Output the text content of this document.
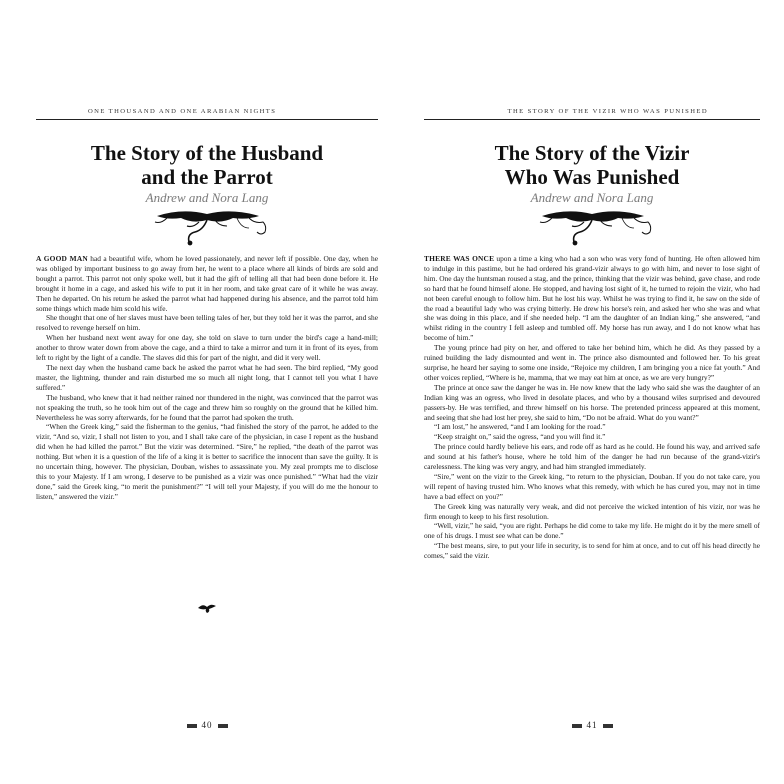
ONE THOUSAND AND ONE ARABIAN NIGHTS
The Story of the Husband
and the Parrot
Andrew and Nora Lang

A GOOD MAN had a beautiful wife, whom he loved passionately, and never left if possible. One day, when he was obliged by important business to go away from her, he went to a place where all kinds of birds are sold and bought a parrot. This parrot not only spoke well, but it had the gift of telling all that had been done before it. He brought it home in a cage, and asked his wife to put it in her room, and take great care of it while he was away. Then he departed. On his return he asked the parrot what had happened during his absence, and the parrot told him some things which made him scold his wife.

She thought that one of her slaves must have been telling tales of her, but they told her it was the parrot, and she resolved to revenge herself on him.

When her husband next went away for one day, she told on slave to turn under the bird's cage a hand-mill; another to throw water down from above the cage, and a third to take a mirror and turn it in front of its eyes, from left to right by the light of a candle. The slaves did this for part of the night, and did it very well.

The next day when the husband came back he asked the parrot what he had seen. The bird replied, “My good master, the lightning, thunder and rain disturbed me so much all night long, that I cannot tell you what I have suffered.”

The husband, who knew that it had neither rained nor thundered in the night, was convinced that the parrot was not speaking the truth, so he took him out of the cage and threw him so roughly on the ground that he killed him. Nevertheless he was sorry afterwards, for he found that the parrot had spoken the truth.

“When the Greek king,” said the fisherman to the genius, “had finished the story of the parrot, he added to the vizir, “And so, vizir, I shall not listen to you, and I shall take care of the physician, in case I repent as the husband did when he had killed the parrot.” But the vizir was determined. “Sire,” he replied, “the death of the parrot was nothing. But when it is a question of the life of a king it is better to sacrifice the innocent than save the guilty. It is no uncertain thing, however. The physician, Douban, wishes to assassinate you. My zeal prompts me to disclose this to your Majesty. If I am wrong, I deserve to be punished as a vizir was once punished.” “What had the vizir done,” said the Greek king, “to merit the punishment?” “I will tell your Majesty, if you will do me the honour to listen,” answered the vizir.”

40
THE STORY OF THE VIZIR WHO WAS PUNISHED
The Story of the Vizir
Who Was Punished
Andrew and Nora Lang

THERE WAS ONCE upon a time a king who had a son who was very fond of hunting. He often allowed him to indulge in this pastime, but he had ordered his grand-vizir always to go with him, and never to lose sight of him. One day the huntsman roused a stag, and the prince, thinking that the vizir was behind, gave chase, and rode so hard that he found himself alone. He stopped, and having lost sight of it, he turned to rejoin the vizir, who had not been careful enough to follow him. But he lost his way. Whilst he was trying to find it, he saw on the side of the road a beautiful lady who was crying bitterly. He drew his horse's rein, and asked her who she was and what she was doing in this place, and if she needed help. “I am the daughter of an Indian king,” she answered, “and whilst riding in the country I fell asleep and tumbled off. My horse has run away, and I do not know what has become of him.”

The young prince had pity on her, and offered to take her behind him, which he did. As they passed by a ruined building the lady dismounted and went in. The prince also dismounted and followed her. To his great surprise, he heard her saying to some one inside, “Rejoice my children, I am bringing you a nice fat youth.” And other voices replied, “Where is he, mamma, that we may eat him at once, as we are very hungry?”

The prince at once saw the danger he was in. He now knew that the lady who said she was the daughter of an Indian king was an ogress, who lived in desolate places, and who by a thousand wiles surprised and devoured passers-by. He was terrified, and threw himself on his horse. The pretended princess appeared at this moment, and seeing that she had lost her prey, she said to him, “Do not be afraid. What do you want?”

“I am lost,” he answered, “and I am looking for the road.”

“Keep straight on,” said the ogress, “and you will find it.”

The prince could hardly believe his ears, and rode off as hard as he could. He found his way, and arrived safe and sound at his father's house, where he told him of the danger he had run because of the grand-vizir's carelessness. The king was very angry, and had him strangled immediately.

“Sire,” went on the vizir to the Greek king, “to return to the physician, Douban. If you do not take care, you will repent of having trusted him. Who knows what this remedy, with which he has cured you, may not in time have a bad effect on you?”

The Greek king was naturally very weak, and did not perceive the wicked intention of his vizir, nor was he firm enough to keep to his first resolution.

“Well, vizir,” he said, “you are right. Perhaps he did come to take my life. He might do it by the mere smell of one of his drugs. I must see what can be done.”

“The best means, sire, to put your life in security, is to send for him at once, and to cut off his head directly he comes,” said the vizir.

41
